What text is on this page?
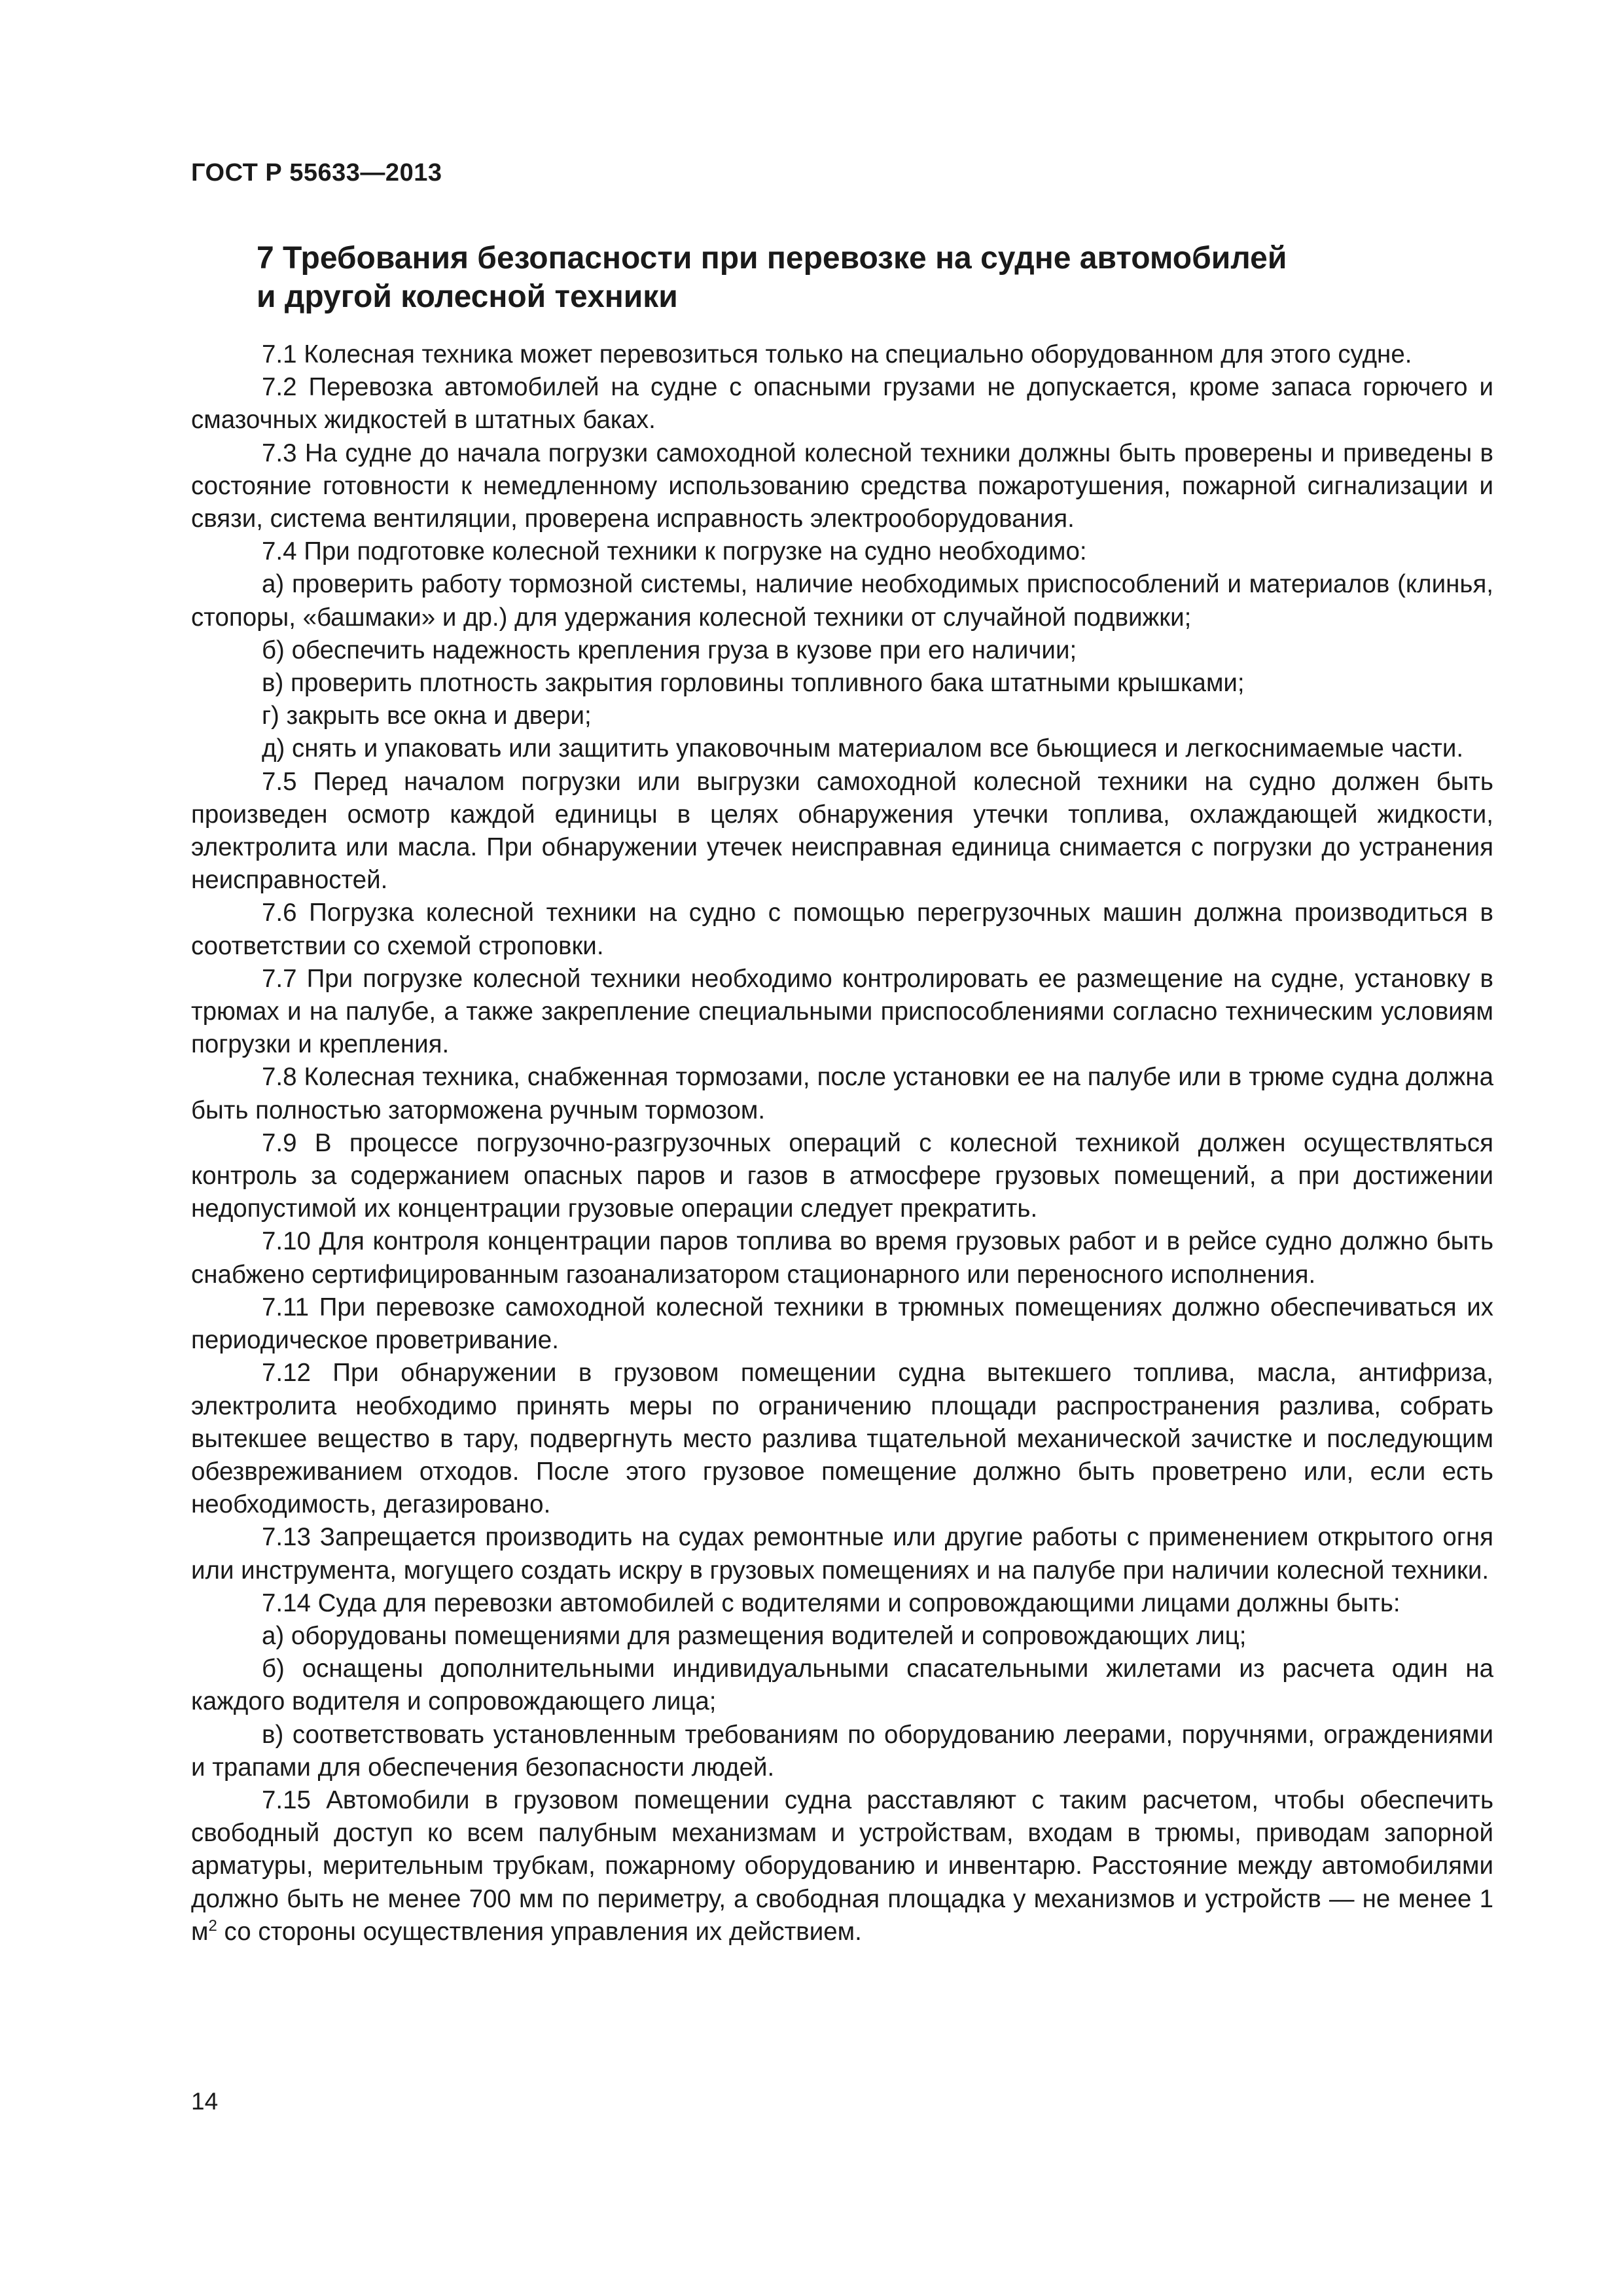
ГОСТ Р 55633—2013
7 Требования безопасности при перевозке на судне автомобилей
и другой колесной техники

7.1 Колесная техника может перевозиться только на специально оборудованном для этого судне.

7.2 Перевозка автомобилей на судне с опасными грузами не допускается, кроме запаса горючего и смазочных жидкостей в штатных баках.

7.3 На судне до начала погрузки самоходной колесной техники должны быть проверены и приведены в состояние готовности к немедленному использованию средства пожаротушения, пожарной сигнализации и связи, система вентиляции, проверена исправность электрооборудования.

7.4 При подготовке колесной техники к погрузке на судно необходимо:

а) проверить работу тормозной системы, наличие необходимых приспособлений и материалов (клинья, стопоры, «башмаки» и др.) для удержания колесной техники от случайной подвижки;

б) обеспечить надежность крепления груза в кузове при его наличии;

в) проверить плотность закрытия горловины топливного бака штатными крышками;

г) закрыть все окна и двери;

д) снять и упаковать или защитить упаковочным материалом все бьющиеся и легкоснимаемые части.

7.5 Перед началом погрузки или выгрузки самоходной колесной техники на судно должен быть произведен осмотр каждой единицы в целях обнаружения утечки топлива, охлаждающей жидкости, электролита или масла. При обнаружении утечек неисправная единица снимается с погрузки до устранения неисправностей.

7.6 Погрузка колесной техники на судно с помощью перегрузочных машин должна производиться в соответствии со схемой строповки.

7.7 При погрузке колесной техники необходимо контролировать ее размещение на судне, установку в трюмах и на палубе, а также закрепление специальными приспособлениями согласно техническим условиям погрузки и крепления.

7.8 Колесная техника, снабженная тормозами, после установки ее на палубе или в трюме судна должна быть полностью заторможена ручным тормозом.

7.9 В процессе погрузочно-разгрузочных операций с колесной техникой должен осуществляться контроль за содержанием опасных паров и газов в атмосфере грузовых помещений, а при достижении недопустимой их концентрации грузовые операции следует прекратить.

7.10 Для контроля концентрации паров топлива во время грузовых работ и в рейсе судно должно быть снабжено сертифицированным газоанализатором стационарного или переносного исполнения.

7.11 При перевозке самоходной колесной техники в трюмных помещениях должно обеспечиваться их периодическое проветривание.

7.12 При обнаружении в грузовом помещении судна вытекшего топлива, масла, антифриза, электролита необходимо принять меры по ограничению площади распространения разлива, собрать вытекшее вещество в тару, подвергнуть место разлива тщательной механической зачистке и последующим обезвреживанием отходов. После этого грузовое помещение должно быть проветрено или, если есть необходимость, дегазировано.

7.13 Запрещается производить на судах ремонтные или другие работы с применением открытого огня или инструмента, могущего создать искру в грузовых помещениях и на палубе при наличии колесной техники.

7.14 Суда для перевозки автомобилей с водителями и сопровождающими лицами должны быть:

а) оборудованы помещениями для размещения водителей и сопровождающих лиц;

б) оснащены дополнительными индивидуальными спасательными жилетами из расчета один на каждого водителя и сопровождающего лица;

в) соответствовать установленным требованиям по оборудованию леерами, поручнями, ограждениями и трапами для обеспечения безопасности людей.

7.15 Автомобили в грузовом помещении судна расставляют с таким расчетом, чтобы обеспечить свободный доступ ко всем палубным механизмам и устройствам, входам в трюмы, приводам запорной арматуры, мерительным трубкам, пожарному оборудованию и инвентарю. Расстояние между автомобилями должно быть не менее 700 мм по периметру, а свободная площадка у механизмов и устройств — не менее 1 $м^2$ со стороны осуществления управления их действием.

14
